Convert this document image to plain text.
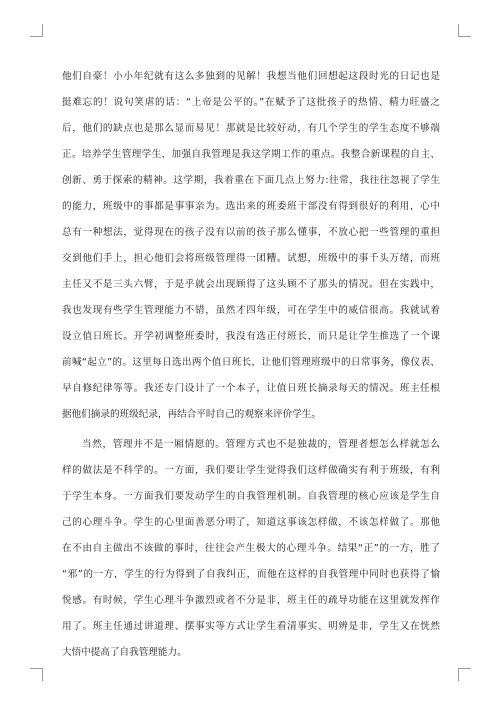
他们自豪！小小年纪就有这么多独到的见解！我想当他们回想起这段时光的日记也是
挺难忘的！说句笑虐的话：“上帝是公平的。”在赋予了这批孩子的热情、精力旺盛之
后，他们的缺点也是那么显而易见！那就是比较好动，有几个学生的学生态度不够端
正。培养学生管理学生，加强自我管理是我这学期工作的重点。我整合新课程的自主、
创新、勇于探索的精神。这学期，我着重在下面几点上努力:往常，我往往忽视了学生
的能力，班级中的事都是事事亲为。选出来的班委班干部没有得到很好的利用，心中
总有一种想法，觉得现在的孩子没有以前的孩子那么懂事，不放心把一些管理的重担
交到他们手上，担心他们会将班级管理得一团糟。试想，班级中的事千头万绪，而班
主任又不是三头六臂，于是乎就会出现顾得了这头顾不了那头的情况。但在实践中，
我也发现有些学生管理能力不错，虽然才四年级，可在学生中的威信很高。我就试着
设立值日班长。开学初调整班委时，我没有选正付班长，而只是让学生推选了一个课
前喊“起立”的。这里每日选出两个值日班长，让他们管理班级中的日常事务，像仪表、
早自修纪律等等。我还专门设计了一个本子，让值日班长摘录每天的情况。班主任根
据他们摘录的班级纪录，再结合平时自己的观察来评价学生。
当然，管理并不是一厢情愿的。管理方式也不是独裁的，管理者想怎么样就怎么
样的做法是不科学的。一方面，我们要让学生觉得我们这样做确实有利于班级，有利
于学生本身。一方面我们要发动学生的自我管理机制。自我管理的核心应该是学生自
己的心理斗争。学生的心里面善恶分明了，知道这事该怎样做，不该怎样做了。那他
在不由自主做出不该做的事时，往往会产生极大的心理斗争。结果“正”的一方，胜了
“邪”的一方，学生的行为得到了自我纠正，而他在这样的自我管理中同时也获得了愉
悦感。有时候，学生心理斗争激烈或者不分是非，班主任的疏导功能在这里就发挥作
用了。班主任通过讲道理、摆事实等方式让学生看清事实、明辨是非，学生又在恍然
大悟中提高了自我管理能力。
